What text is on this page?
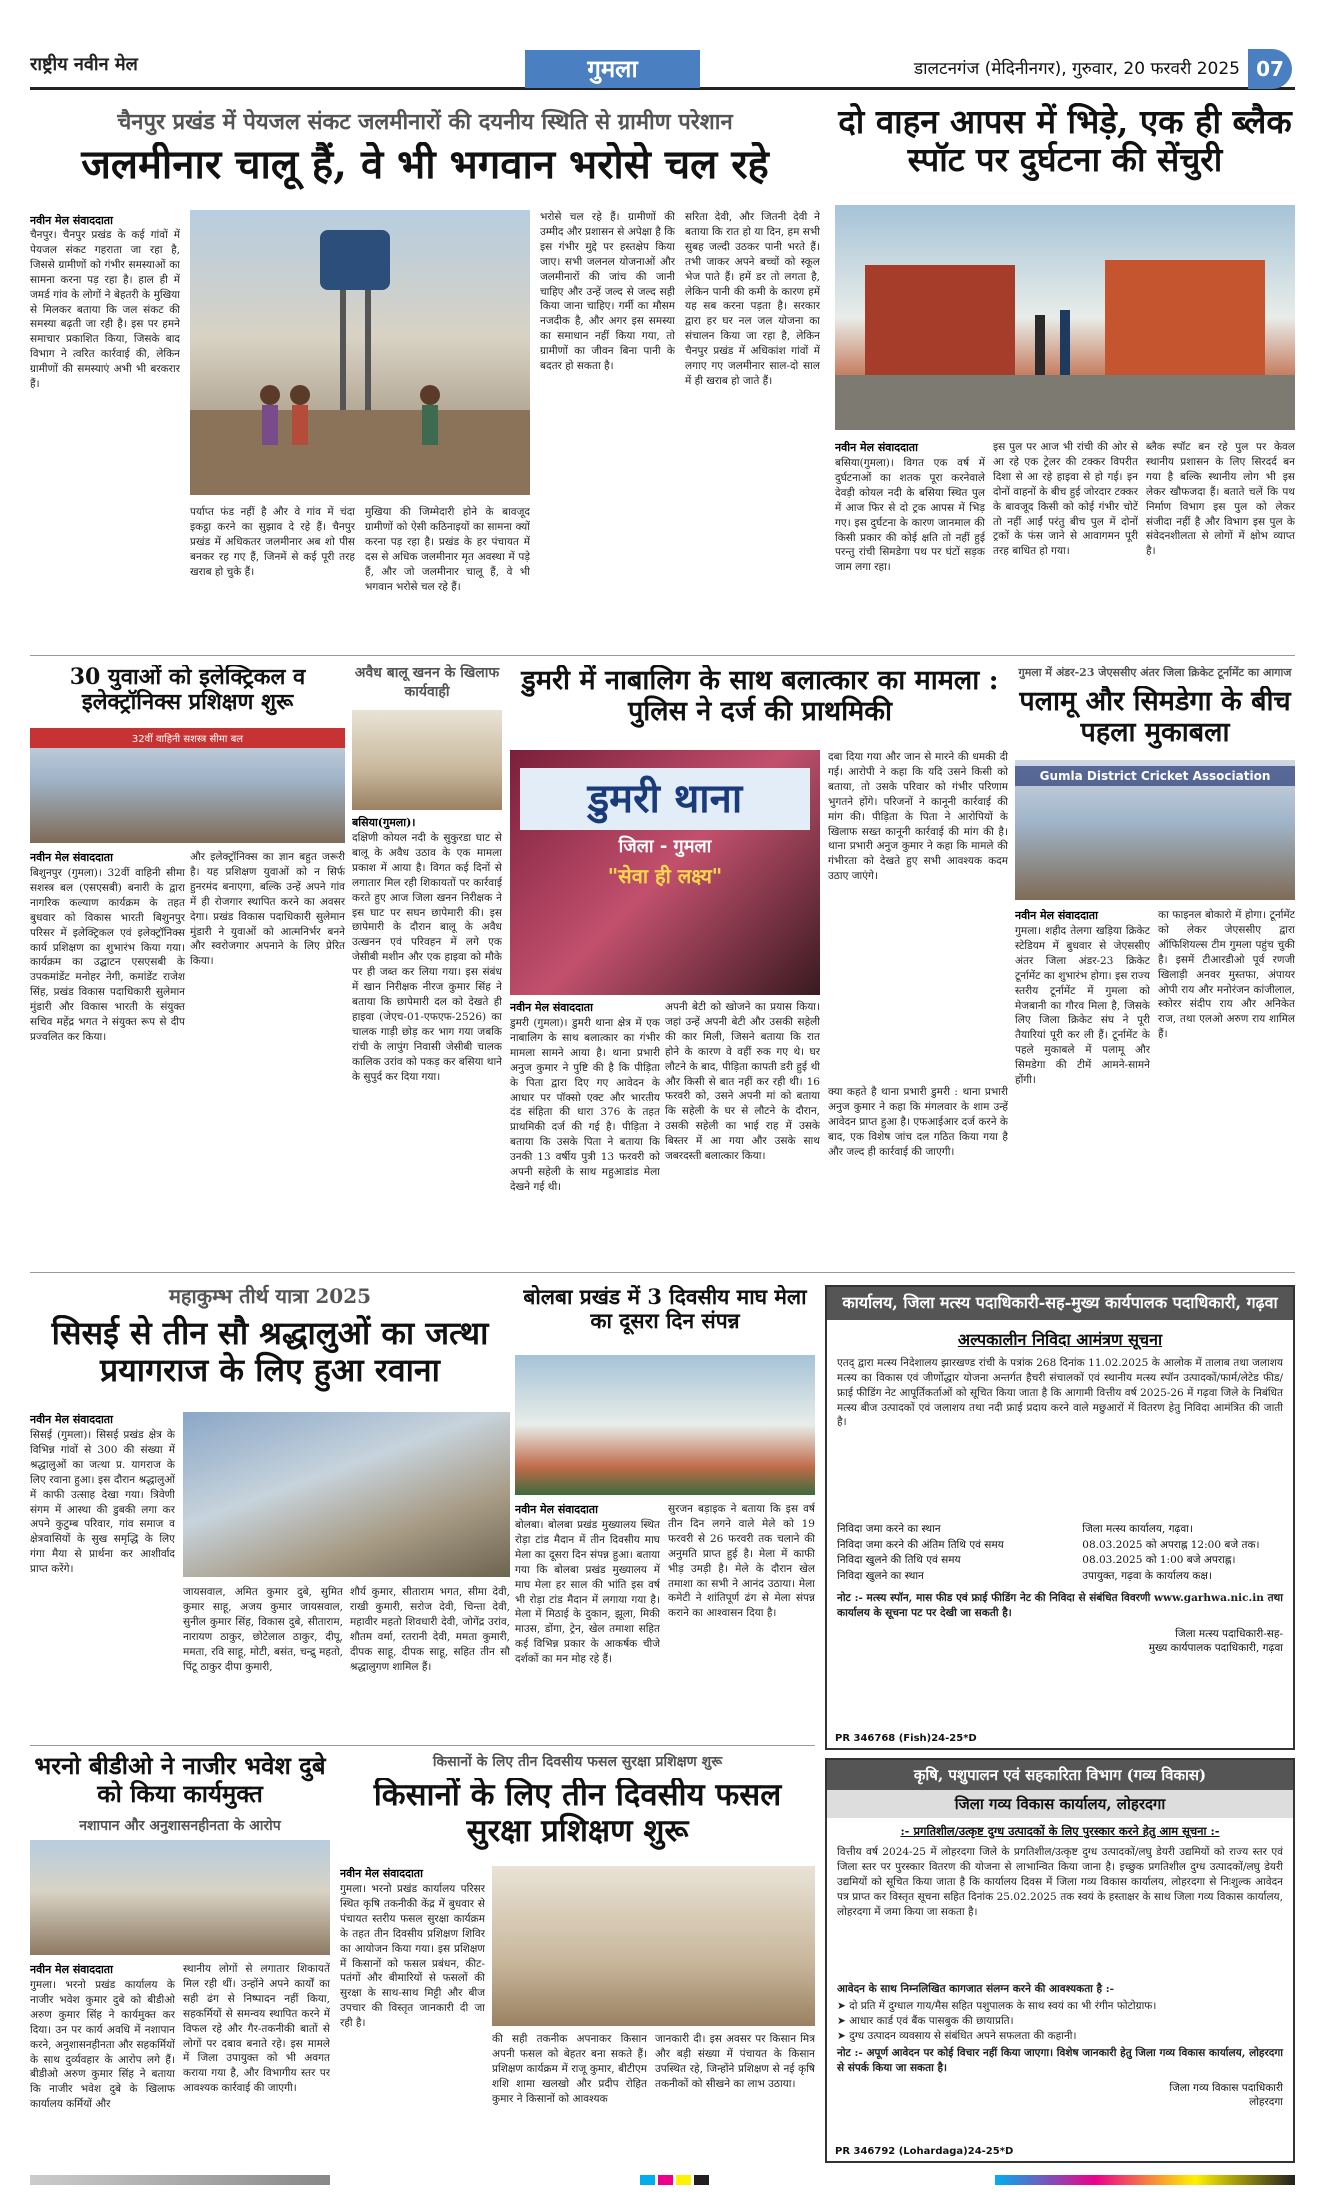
राष्ट्रीय नवीन मेल	गुमला	डालटनगंज (मेदिनीनगर), गुरुवार, 20 फरवरी 2025 07
चैनपुर प्रखंड में पेयजल संकट जलमीनारों की दयनीय स्थिति से ग्रामीण परेशान
जलमीनार चालू हैं, वे भी भगवान भरोसे चल रहे
नवीन मेल संवाददाता
चैनपुर। चैनपुर प्रखंड के कई गांवों में पेयजल संकट गहराता जा रहा है, जिससे ग्रामीणों को गंभीर समस्याओं का सामना करना पड़ रहा है। हाल ही में जमर्ड गांव के लोगों ने बेहतरी के मुखिया से मिलकर बताया कि जल संकट की समस्या बढ़ती जा रही है। इस पर हमने समाचार प्रकाशित किया, जिसके बाद विभाग ने त्वरित कार्रवाई की, लेकिन ग्रामीणों की समस्याएं अभी भी बरकरार हैं।
पर्याप्त फंड नहीं है और वे गांव में चंदा इकट्ठा करने का सुझाव दे रहे हैं। चैनपुर प्रखंड में अधिकतर जलमीनार अब शो पीस बनकर रह गए हैं, जिनमें से कई पूरी तरह खराब हो चुके हैं।
मुखिया की जिम्मेदारी होने के बावजूद ग्रामीणों को ऐसी कठिनाइयों का सामना क्यों करना पड़ रहा है। प्रखंड के हर पंचायत में दस से अधिक जलमीनार मृत अवस्था में पड़े हैं, और जो जलमीनार चालू हैं, वे भी भगवान भरोसे चल रहे हैं।
भरोसे चल रहे हैं। ग्रामीणों की उम्मीद और प्रशासन से अपेक्षा है कि इस गंभीर मुद्दे पर हस्तक्षेप किया जाए। सभी जलनल योजनाओं और जलमीनारों की जांच की जानी चाहिए और उन्हें जल्द से जल्द सही किया जाना चाहिए। गर्मी का मौसम नजदीक है, और अगर इस समस्या का समाधान नहीं किया गया, तो ग्रामीणों का जीवन बिना पानी के बदतर हो सकता है।
सरिता देवी, और जितनी देवी ने बताया कि रात हो या दिन, हम सभी सुबह जल्दी उठकर पानी भरते हैं। तभी जाकर अपने बच्चों को स्कूल भेज पाते हैं। हमें डर तो लगता है, लेकिन पानी की कमी के कारण हमें यह सब करना पड़ता है। सरकार द्वारा हर घर नल जल योजना का संचालन किया जा रहा है, लेकिन चैनपुर प्रखंड में अधिकांश गांवों में लगाए गए जलमीनार साल-दो साल में ही खराब हो जाते हैं।
दो वाहन आपस में भिड़े, एक ही ब्लैक स्पॉट पर दुर्घटना की सेंचुरी
नवीन मेल संवाददाता
बसिया(गुमला)। विगत एक वर्ष में दुर्घटनाओं का शतक पूरा करनेवाले देवड़ी कोयल नदी के बसिया स्थित पुल में आज फिर से दो ट्रक आपस में भिड़ गए। इस दुर्घटना के कारण जानमाल की किसी प्रकार की कोई क्षति तो नहीं हुई परन्तु रांची सिमडेगा पथ पर घंटों सड़क जाम लगा रहा।
इस पुल पर आज भी रांची की ओर से आ रहे एक ट्रेलर की टक्कर विपरीत दिशा से आ रहे हाइवा से हो गई। इन दोनों वाहनों के बीच हुई जोरदार टक्कर के बावजूद किसी को कोई गंभीर चोटें तो नहीं आईं परंतु बीच पुल में दोनों ट्रकों के फंस जाने से आवागमन पूरी तरह बाधित हो गया।
ब्लैक स्पॉट बन रहे पुल पर केवल स्थानीय प्रशासन के लिए सिरदर्द बन गया है बल्कि स्थानीय लोग भी इस लेकर खौफजदा हैं। बताते चलें कि पथ निर्माण विभाग इस पुल को लेकर संजीदा नहीं है और विभाग इस पुल के संवेदनशीलता से लोगों में क्षोभ व्याप्त है।
30 युवाओं को इलेक्ट्रिकल व इलेक्ट्रॉनिक्स प्रशिक्षण शुरू
32वीं वाहिनी सशस्त्र सीमा बल
नवीन मेल संवाददाता
बिशुनपुर (गुमला)। 32वीं वाहिनी सीमा सशस्त्र बल (एसएसबी) बनारी के द्वारा नागरिक कल्याण कार्यक्रम के तहत बुधवार को विकास भारती बिशुनपुर परिसर में इलेक्ट्रिकल एवं इलेक्ट्रॉनिक्स कार्य प्रशिक्षण का शुभारंभ किया गया। कार्यक्रम का उद्घाटन एसएसबी के उपकमांडेंट मनोहर नेगी, कमांडेंट राजेश सिंह, प्रखंड विकास पदाधिकारी सुलेमान मुंडारी और विकास भारती के संयुक्त सचिव महेंद्र भगत ने संयुक्त रूप से दीप प्रज्वलित कर किया।
और इलेक्ट्रॉनिक्स का ज्ञान बहुत जरूरी है। यह प्रशिक्षण युवाओं को न सिर्फ हुनरमंद बनाएगा, बल्कि उन्हें अपने गांव में ही रोजगार स्थापित करने का अवसर देगा। प्रखंड विकास पदाधिकारी सुलेमान मुंडारी ने युवाओं को आत्मनिर्भर बनने और स्वरोजगार अपनाने के लिए प्रेरित किया।
अवैध बालू खनन के खिलाफ कार्यवाही
बसिया(गुमला)।
दक्षिणी कोयल नदी के सुकुरडा घाट से बालू के अवैध उठाव के एक मामला प्रकाश में आया है। विगत कई दिनों से लगातार मिल रही शिकायतों पर कार्रवाई करते हुए आज जिला खनन निरीक्षक ने इस घाट पर सघन छापेमारी की। इस छापेमारी के दौरान बालू के अवैध उत्खनन एवं परिवहन में लगे एक जेसीबी मशीन और एक हाइवा को मौके पर ही जब्त कर लिया गया। इस संबंध में खान निरीक्षक नीरज कुमार सिंह ने बताया कि छापेमारी दल को देखते ही हाइवा (जेएच-01-एफएफ-2526) का चालक गाड़ी छोड़ कर भाग गया जबकि रांची के लापुंग निवासी जेसीबी चालक कालिक उरांव को पकड़ कर बसिया थाने के सुपुर्द कर दिया गया।
डुमरी में नाबालिग के साथ बलात्कार का मामला : पुलिस ने दर्ज की प्राथमिकी
डुमरी थाना
जिला - गुमला
"सेवा ही लक्ष्य"
दबा दिया गया और जान से मारने की धमकी दी गई। आरोपी ने कहा कि यदि उसने किसी को बताया, तो उसके परिवार को गंभीर परिणाम भुगतने होंगे। परिजनों ने कानूनी कार्रवाई की मांग की। पीड़िता के पिता ने आरोपियों के खिलाफ सख्त कानूनी कार्रवाई की मांग की है। थाना प्रभारी अनुज कुमार ने कहा कि मामले की गंभीरता को देखते हुए सभी आवश्यक कदम उठाए जाएंगे।
नवीन मेल संवाददाता
डुमरी (गुमला)। डुमरी थाना क्षेत्र में एक नाबालिग के साथ बलात्कार का गंभीर मामला सामने आया है। थाना प्रभारी अनुज कुमार ने पुष्टि की है कि पीड़िता के पिता द्वारा दिए गए आवेदन के आधार पर पॉक्सो एक्ट और भारतीय दंड संहिता की धारा 376 के तहत प्राथमिकी दर्ज की गई है। पीड़िता ने बताया कि उसके पिता ने बताया कि उनकी 13 वर्षीय पुत्री 13 फरवरी को अपनी सहेली के साथ महुआडांड मेला देखने गई थी।
अपनी बेटी को खोजने का प्रयास किया। जहां उन्हें अपनी बेटी और उसकी सहेली की कार मिली, जिसने बताया कि रात होने के कारण वे वहीं रुक गए थे। घर लौटने के बाद, पीड़िता कापती डरी हुई थी और किसी से बात नहीं कर रही थी। 16 फरवरी को, उसने अपनी मां को बताया कि सहेली के घर से लौटने के दौरान, उसकी सहेली का भाई राह में उसके बिस्तर में आ गया और उसके साथ जबरदस्ती बलात्कार किया।
क्या कहते है थाना प्रभारी डुमरी : थाना प्रभारी अनुज कुमार ने कहा कि मंगलवार के शाम उन्हें आवेदन प्राप्त हुआ है। एफआईआर दर्ज करने के बाद, एक विशेष जांच दल गठित किया गया है और जल्द ही कार्रवाई की जाएगी।
गुमला में अंडर-23 जेएससीए अंतर जिला क्रिकेट टूर्नामेंट का आगाज
पलामू और सिमडेगा के बीच पहला मुकाबला
Gumla District Cricket Association
नवीन मेल संवाददाता
गुमला। शहीद तेलगा खड़िया क्रिकेट स्टेडियम में बुधवार से जेएससीए अंतर जिला अंडर-23 क्रिकेट टूर्नामेंट का शुभारंभ होगा। इस राज्य स्तरीय टूर्नामेंट में गुमला को मेजबानी का गौरव मिला है, जिसके लिए जिला क्रिकेट संघ ने पूरी तैयारियां पूरी कर ली हैं। टूर्नामेंट के पहले मुकाबले में पलामू और सिमडेगा की टीमें आमने-सामने होंगी।
का फाइनल बोकारो में होगा। टूर्नामेंट को लेकर जेएससीए द्वारा ऑफिशियल्स टीम गुमला पहुंच चुकी है। इसमें टीआरडीओ पूर्व रणजी खिलाड़ी अनवर मुस्तफा, अंपायर ओपी राय और मनोरंजन कांजीलाल, स्कोरर संदीप राय और अनिकेत राज, तथा एलओ अरुण राय शामिल हैं।
महाकुम्भ तीर्थ यात्रा 2025
सिसई से तीन सौ श्रद्धालुओं का जत्था प्रयागराज के लिए हुआ रवाना
नवीन मेल संवाददाता
सिसई (गुमला)। सिसई प्रखंड क्षेत्र के विभिन्न गांवों से 300 की संख्या में श्रद्धालुओं का जत्था प्र. यागराज के लिए रवाना हुआ। इस दौरान श्रद्धालुओं में काफी उत्साह देखा गया। त्रिवेणी संगम में आस्था की डुबकी लगा कर अपने कुटुम्ब परिवार, गांव समाज व क्षेत्रवासियों के सुख समृद्धि के लिए गंगा मैया से प्रार्थना कर आशीर्वाद प्राप्त करेंगे।
जायसवाल, अमित कुमार दुबे, सुमित कुमार साहू, अजय कुमार जायसवाल, सुनील कुमार सिंह, विकास दुबे, सीताराम, नारायण ठाकुर, छोटेलाल ठाकुर, दीपू, ममता, रवि साहू, मोटी, बसंत, चन्द्रु महतो, पिंटू ठाकुर दीपा कुमारी,
शौर्य कुमार, सीताराम भगत, सीमा देवी, राखी कुमारी, सरोज देवी, चिन्ता देवी, महावीर महतो शिवधारी देवी, जोगेंद्र उरांव, शौतम वर्मा, रतरानी देवी, ममता कुमारी, दीपक साहू, दीपक साहू, सहित तीन सौ श्रद्धालुगण शामिल हैं।
बोलबा प्रखंड में 3 दिवसीय माघ मेला का दूसरा दिन संपन्न
नवीन मेल संवाददाता
बोलबा। बोलबा प्रखंड मुख्यालय स्थित रोड़ा टांड मैदान में तीन दिवसीय माघ मेला का दूसरा दिन संपन्न हुआ। बताया गया कि बोलबा प्रखंड मुख्यालय में माघ मेला हर साल की भांति इस वर्ष भी रोड़ा टांड मैदान में लगाया गया है। मेला में मिठाई के दुकान, झूला, मिकी माउस, डोंगा, ट्रेन, खेल तमाशा सहित कई विभिन्न प्रकार के आकर्षक चीजे दर्शकों का मन मोह रहे हैं।
सुरजन बड़ाइक ने बताया कि इस वर्ष तीन दिन लगने वाले मेले को 19 फरवरी से 26 फरवरी तक चलाने की अनुमति प्राप्त हुई है। मेला में काफी भीड़ उमड़ी है। मेले के दौरान खेल तमाशा का सभी ने आनंद उठाया। मेला कमेटी ने शांतिपूर्ण ढंग से मेला संपन्न कराने का आश्वासन दिया है।
कार्यालय, जिला मत्स्य पदाधिकारी-सह-मुख्य कार्यपालक पदाधिकारी, गढ़वा
अल्पकालीन निविदा आमंत्रण सूचना
एतद् द्वारा मत्स्य निदेशालय झारखण्ड रांची के पत्रांक 268 दिनांक 11.02.2025 के आलोक में तालाब तथा जलाशय मत्स्य का विकास एवं जीर्णोद्धार योजना अन्तर्गत हैचरी संचालकों एवं स्थानीय मत्स्य स्पॉन उत्पादकों/फार्म/लेटेड फीड/फ्राई फीडिंग नेट आपूर्तिकर्ताओं को सूचित किया जाता है कि आगामी वित्तीय वर्ष 2025-26 में गढ़वा जिले के निबंधित मत्स्य बीज उत्पादकों एवं जलाशय तथा नदी फ्राई प्रदाय करने वाले मछुआरों में वितरण हेतु निविदा आमंत्रित की जाती है।
निविदा जमा करने का स्थान	जिला मत्स्य कार्यालय, गढ़वा।
निविदा जमा करने की अंतिम तिथि एवं समय	08.03.2025 को अपराह्न 12:00 बजे तक।
निविदा खुलने की तिथि एवं समय	08.03.2025 को 1:00 बजे अपराह्न।
निविदा खुलने का स्थान	उपायुक्त, गढ़वा के कार्यालय कक्ष।
नोट :- मत्स्य स्पॉन, मास फीड एवं फ्राई फीडिंग नेट की निविदा से संबंधित विवरणी www.garhwa.nic.in तथा कार्यालय के सूचना पट पर देखी जा सकती है।
जिला मत्स्य पदाधिकारी-सह-
मुख्य कार्यपालक पदाधिकारी, गढ़वा
PR 346768 (Fish)24-25*D
भरनो बीडीओ ने नाजीर भवेश दुबे को किया कार्यमुक्त
नशापान और अनुशासनहीनता के आरोप
नवीन मेल संवाददाता
गुमला। भरनो प्रखंड कार्यालय के नाजीर भवेश कुमार दुबे को बीडीओ अरुण कुमार सिंह ने कार्यमुक्त कर दिया। उन पर कार्य अवधि में नशापान करने, अनुशासनहीनता और सहकर्मियों के साथ दुर्व्यवहार के आरोप लगे हैं। बीडीओ अरुण कुमार सिंह ने बताया कि नाजीर भवेश दुबे के खिलाफ कार्यालय कर्मियों और
स्थानीय लोगों से लगातार शिकायतें मिल रही थीं। उन्होंने अपने कार्यों का सही ढंग से निष्पादन नहीं किया, सहकर्मियों से समन्वय स्थापित करने में विफल रहे और गैर-तकनीकी बातों से लोगों पर दबाव बनाते रहे। इस मामले में जिला उपायुक्त को भी अवगत कराया गया है, और विभागीय स्तर पर आवश्यक कार्रवाई की जाएगी।
किसानों के लिए तीन दिवसीय फसल सुरक्षा प्रशिक्षण शुरू
किसानों के लिए तीन दिवसीय फसल सुरक्षा प्रशिक्षण शुरू
नवीन मेल संवाददाता
गुमला। भरनो प्रखंड कार्यालय परिसर स्थित कृषि तकनीकी केंद्र में बुधवार से पंचायत स्तरीय फसल सुरक्षा कार्यक्रम के तहत तीन दिवसीय प्रशिक्षण शिविर का आयोजन किया गया। इस प्रशिक्षण में किसानों को फसल प्रबंधन, कीट-पतंगों और बीमारियों से फसलों की सुरक्षा के साथ-साथ मिट्टी और बीज उपचार की विस्तृत जानकारी दी जा रही है।
की सही तकनीक अपनाकर किसान अपनी फसल को बेहतर बना सकते हैं। प्रशिक्षण कार्यक्रम में राजू कुमार, बीटीएम शशि शामा खलखो और प्रदीप रोहित कुमार ने किसानों को आवश्यक
जानकारी दी। इस अवसर पर किसान मित्र और बड़ी संख्या में पंचायत के किसान उपस्थित रहे, जिन्होंने प्रशिक्षण से नई कृषि तकनीकों को सीखने का लाभ उठाया।
कृषि, पशुपालन एवं सहकारिता विभाग (गव्य विकास)
जिला गव्य विकास कार्यालय, लोहरदगा
:- प्रगतिशील/उत्कृष्ट दुग्ध उत्पादकों के लिए पुरस्कार करने हेतु आम सूचना :-
वित्तीय वर्ष 2024-25 में लोहरदगा जिले के प्रगतिशील/उत्कृष्ट दुग्ध उत्पादकों/लघु डेयरी उद्यमियों को राज्य स्तर एवं जिला स्तर पर पुरस्कार वितरण की योजना से लाभान्वित किया जाना है। इच्छुक प्रगतिशील दुग्ध उत्पादकों/लघु डेयरी उद्यमियों को सूचित किया जाता है कि कार्यालय दिवस में जिला गव्य विकास कार्यालय, लोहरदगा से निःशुल्क आवेदन पत्र प्राप्त कर विस्तृत सूचना सहित दिनांक 25.02.2025 तक स्वयं के हस्ताक्षर के साथ जिला गव्य विकास कार्यालय, लोहरदगा में जमा किया जा सकता है।
आवेदन के साथ निम्नलिखित कागजात संलग्न करने की आवश्यकता है :-
➤ दो प्रति में दुग्धाल गाय/मैस सहित पशुपालक के साथ स्वयं का भी रंगीन फोटोग्राफ।
➤ आधार कार्ड एवं बैंक पासबुक की छायाप्रति।
➤ दुग्ध उत्पादन व्यवसाय से संबंधित अपने सफलता की कहानी।
नोट :- अपूर्ण आवेदन पर कोई विचार नहीं किया जाएगा। विशेष जानकारी हेतु जिला गव्य विकास कार्यालय, लोहरदगा से संपर्क किया जा सकता है।
जिला गव्य विकास पदाधिकारी
लोहरदगा
PR 346792 (Lohardaga)24-25*D
